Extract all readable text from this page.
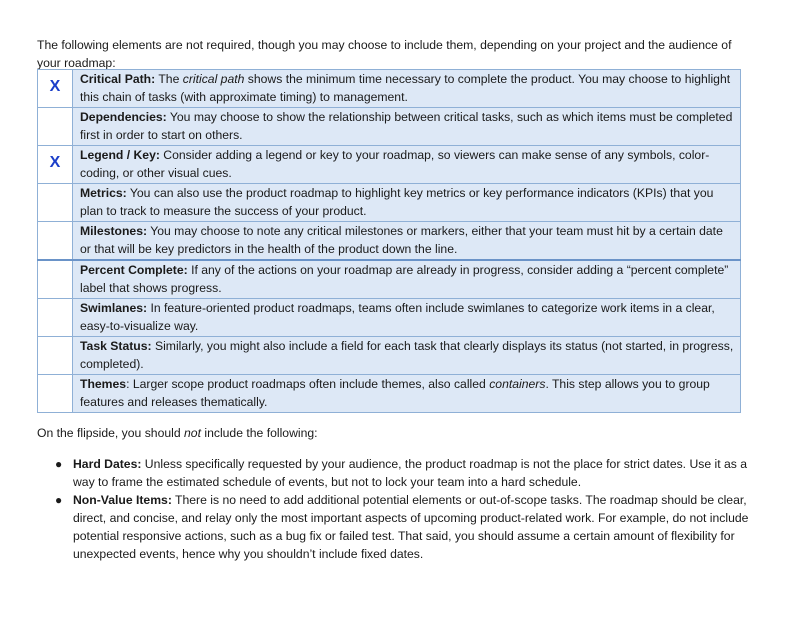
The following elements are not required, though you may choose to include them, depending on your project and the audience of your roadmap:

X	Critical Path: The critical path shows the minimum time necessary to complete the product. You may choose to highlight this chain of tasks (with approximate timing) to management.

	Dependencies: You may choose to show the relationship between critical tasks, such as which items must be completed first in order to start on others.

X	Legend / Key: Consider adding a legend or key to your roadmap, so viewers can make sense of any symbols, color-coding, or other visual cues.

	Metrics: You can also use the product roadmap to highlight key metrics or key performance indicators (KPIs) that you plan to track to measure the success of your product.

	Milestones: You may choose to note any critical milestones or markers, either that your team must hit by a certain date or that will be key predictors in the health of the product down the line.

	Percent Complete: If any of the actions on your roadmap are already in progress, consider adding a “percent complete” label that shows progress.

	Swimlanes: In feature-oriented product roadmaps, teams often include swimlanes to categorize work items in a clear, easy-to-visualize way.

	Task Status: Similarly, you might also include a field for each task that clearly displays its status (not started, in progress, completed).

	Themes: Larger scope product roadmaps often include themes, also called containers. This step allows you to group features and releases thematically.

On the flipside, you should not include the following:

● Hard Dates: Unless specifically requested by your audience, the product roadmap is not the place for strict dates. Use it as a way to frame the estimated schedule of events, but not to lock your team into a hard schedule.
● Non-Value Items: There is no need to add additional potential elements or out-of-scope tasks. The roadmap should be clear, direct, and concise, and relay only the most important aspects of upcoming product-related work. For example, do not include potential responsive actions, such as a bug fix or failed test. That said, you should assume a certain amount of flexibility for unexpected events, hence why you shouldn’t include fixed dates.
